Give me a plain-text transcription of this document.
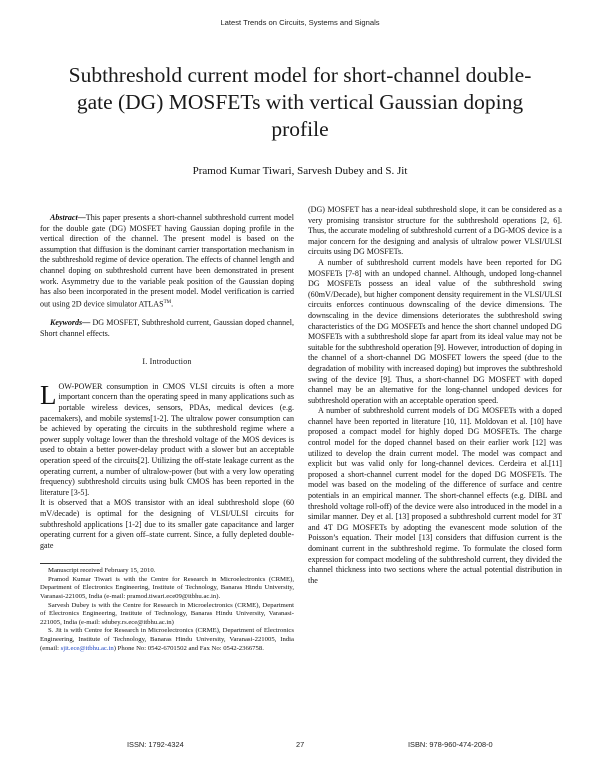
Latest Trends on Circuits, Systems and Signals
Subthreshold current model for short-channel double-gate (DG) MOSFETs with vertical Gaussian doping profile
Pramod Kumar Tiwari, Sarvesh Dubey and S. Jit

Abstract—This paper presents a short-channel subthreshold current model for the double gate (DG) MOSFET having Gaussian doping profile in the vertical direction of the channel. The present model is based on the assumption that diffusion is the dominant carrier transportation mechanism in the subthreshold regime of device operation. The effects of channel length and channel doping on subthreshold current have been demonstrated in present work. Asymmetry due to the variable peak position of the Gaussian doping has also been incorporated in the present model. Model verification is carried out using 2D device simulator ATLAS™.

Keywords— DG MOSFET, Subthreshold current, Gaussian doped channel, Short channel effects.

I. Introduction

LOW-POWER consumption in CMOS VLSI circuits is often a more important concern than the operating speed in many applications such as portable wireless devices, sensors, PDAs, medical devices (e.g. pacemakers), and mobile systems[1-2]. The ultralow power consumption can be achieved by operating the circuits in the subthreshold regime where a power supply voltage lower than the threshold voltage of the MOS devices is used to obtain a better power-delay product with a slower but an acceptable operation speed of the circuits[2]. Utilizing the off-state leakage current as the operating current, a number of ultralow-power (but with a very low operating frequency) subthreshold circuits using bulk CMOS has been reported in the literature [3-5].

It is observed that a MOS transistor with an ideal subthreshold slope (60 mV/decade) is optimal for the designing of VLSI/ULSI circuits for subthreshold applications [1-2] due to its smaller gate capacitance and larger operating current for a given off–state current. Since, a fully depleted double-gate

Manuscript received February 15, 2010.

Pramod Kumar Tiwari is with the Centre for Research in Microelectronics (CRME), Department of Electronics Engineering, Institute of Technology, Banaras Hindu University, Varanasi-221005, India (e-mail: pramod.tiwari.ece09@itbhu.ac.in).

Sarvesh Dubey is with the Centre for Research in Microelectronics (CRME), Department of Electronics Engineering, Institute of Technology, Banaras Hindu University, Varanasi-221005, India (e-mail: sdubey.rs.ece@itbhu.ac.in)

S. Jit is with Centre for Research in Microelectronics (CRME), Department of Electronics Engineering, Institute of Technology, Banaras Hindu University, Varanasi-221005, India (email: sjit.ece@itbhu.ac.in) Phone No: 0542-6701502 and Fax No: 0542-2366758.

(DG) MOSFET has a near-ideal subthreshold slope, it can be considered as a very promising transistor structure for the subthreshold operations [2, 6]. Thus, the accurate modeling of subthreshold current of a DG-MOS device is a major concern for the designing and analysis of ultralow power VLSI/ULSI circuits using DG MOSFETs.

A number of subthreshold current models have been reported for DG MOSFETs [7-8] with an undoped channel. Although, undoped long-channel DG MOSFETs possess an ideal value of the subthreshold swing (60mV/Decade), but higher component density requirement in the VLSI/ULSI circuits enforces continuous downscaling of the device dimensions. The downscaling in the device dimensions deteriorates the subthreshold swing characteristics of the DG MOSFETs and hence the short channel undoped DG MOSFETs with a subthreshold slope far apart from its ideal value may not be suitable for the subthreshold operation [9]. However, introduction of doping in the channel of a short-channel DG MOSFET lowers the speed (due to the degradation of mobility with increased doping) but improves the subthreshold swing of the device [9]. Thus, a short-channel DG MOSFET with doped channel may be an alternative for the long-channel undoped devices for subthreshold operation with an acceptable operation speed.

A number of subthreshold current models of DG MOSFETs with a doped channel have been reported in literature [10, 11]. Moldovan et al. [10] have proposed a compact model for highly doped DG MOSFETs. The charge control model for the doped channel based on their earlier work [12] was utilized to develop the drain current model. The model was compact and explicit but was valid only for long-channel devices. Cerdeira et al.[11] proposed a short-channel current model for the doped DG MOSFETs. The model was based on the modeling of the difference of surface and centre potentials in an empirical manner. The short-channel effects (e.g. DIBL and threshold voltage roll-off) of the device were also introduced in the model in a similar manner. Dey et al. [13] proposed a subthreshold current model for 3T and 4T DG MOSFETs by adopting the evanescent mode solution of the Poisson’s equation. Their model [13] considers that diffusion current is the dominant current in the subthreshold regime. To formulate the closed form expression for compact modeling of the subthreshold current, they divided the channel thickness into two sections where the actual potential distribution in the

ISSN: 1792-4324	27	ISBN: 978-960-474-208-0
